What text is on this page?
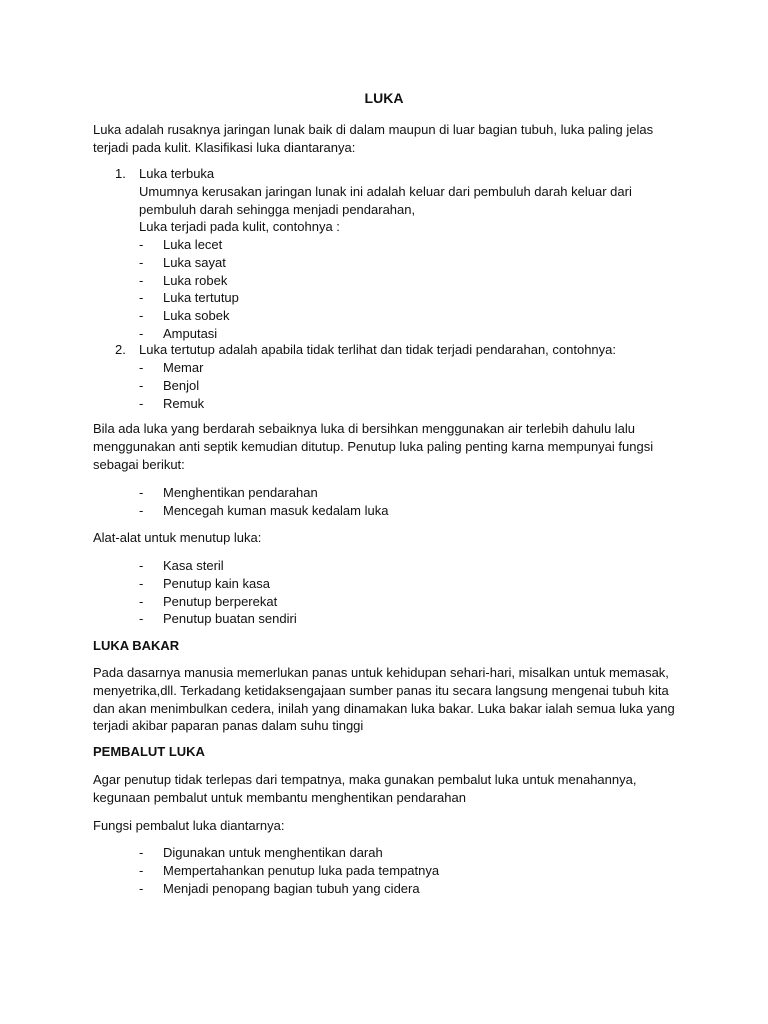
LUKA

Luka adalah rusaknya jaringan lunak baik di dalam maupun di luar bagian tubuh, luka paling jelas terjadi pada kulit. Klasifikasi luka diantaranya:

1. Luka terbuka
Umumnya kerusakan jaringan lunak ini adalah keluar dari pembuluh darah keluar dari pembuluh darah sehingga menjadi pendarahan,
Luka terjadi pada kulit, contohnya :
- Luka lecet
- Luka sayat
- Luka robek
- Luka tertutup
- Luka sobek
- Amputasi
2. Luka tertutup adalah apabila tidak terlihat dan tidak terjadi pendarahan, contohnya:
- Memar
- Benjol
- Remuk

Bila ada luka yang berdarah sebaiknya luka di bersihkan menggunakan air terlebih dahulu lalu menggunakan anti septik kemudian ditutup. Penutup luka paling penting karna mempunyai fungsi sebagai berikut:

- Menghentikan pendarahan
- Mencegah kuman masuk kedalam luka
Alat-alat untuk menutup luka:
- Kasa steril
- Penutup kain kasa
- Penutup berperekat
- Penutup buatan sendiri
LUKA BAKAR

Pada dasarnya manusia memerlukan panas untuk kehidupan sehari-hari, misalkan untuk memasak, menyetrika,dll. Terkadang ketidaksengajaan sumber panas itu secara langsung mengenai tubuh kita dan akan menimbulkan cedera, inilah yang dinamakan luka bakar. Luka bakar ialah semua luka yang terjadi akibar paparan panas dalam suhu tinggi

PEMBALUT LUKA

Agar penutup tidak terlepas dari tempatnya, maka gunakan pembalut luka untuk menahannya, kegunaan pembalut untuk membantu menghentikan pendarahan

Fungsi pembalut luka diantarnya:
- Digunakan untuk menghentikan darah
- Mempertahankan penutup luka pada tempatnya
- Menjadi penopang bagian tubuh yang cidera
